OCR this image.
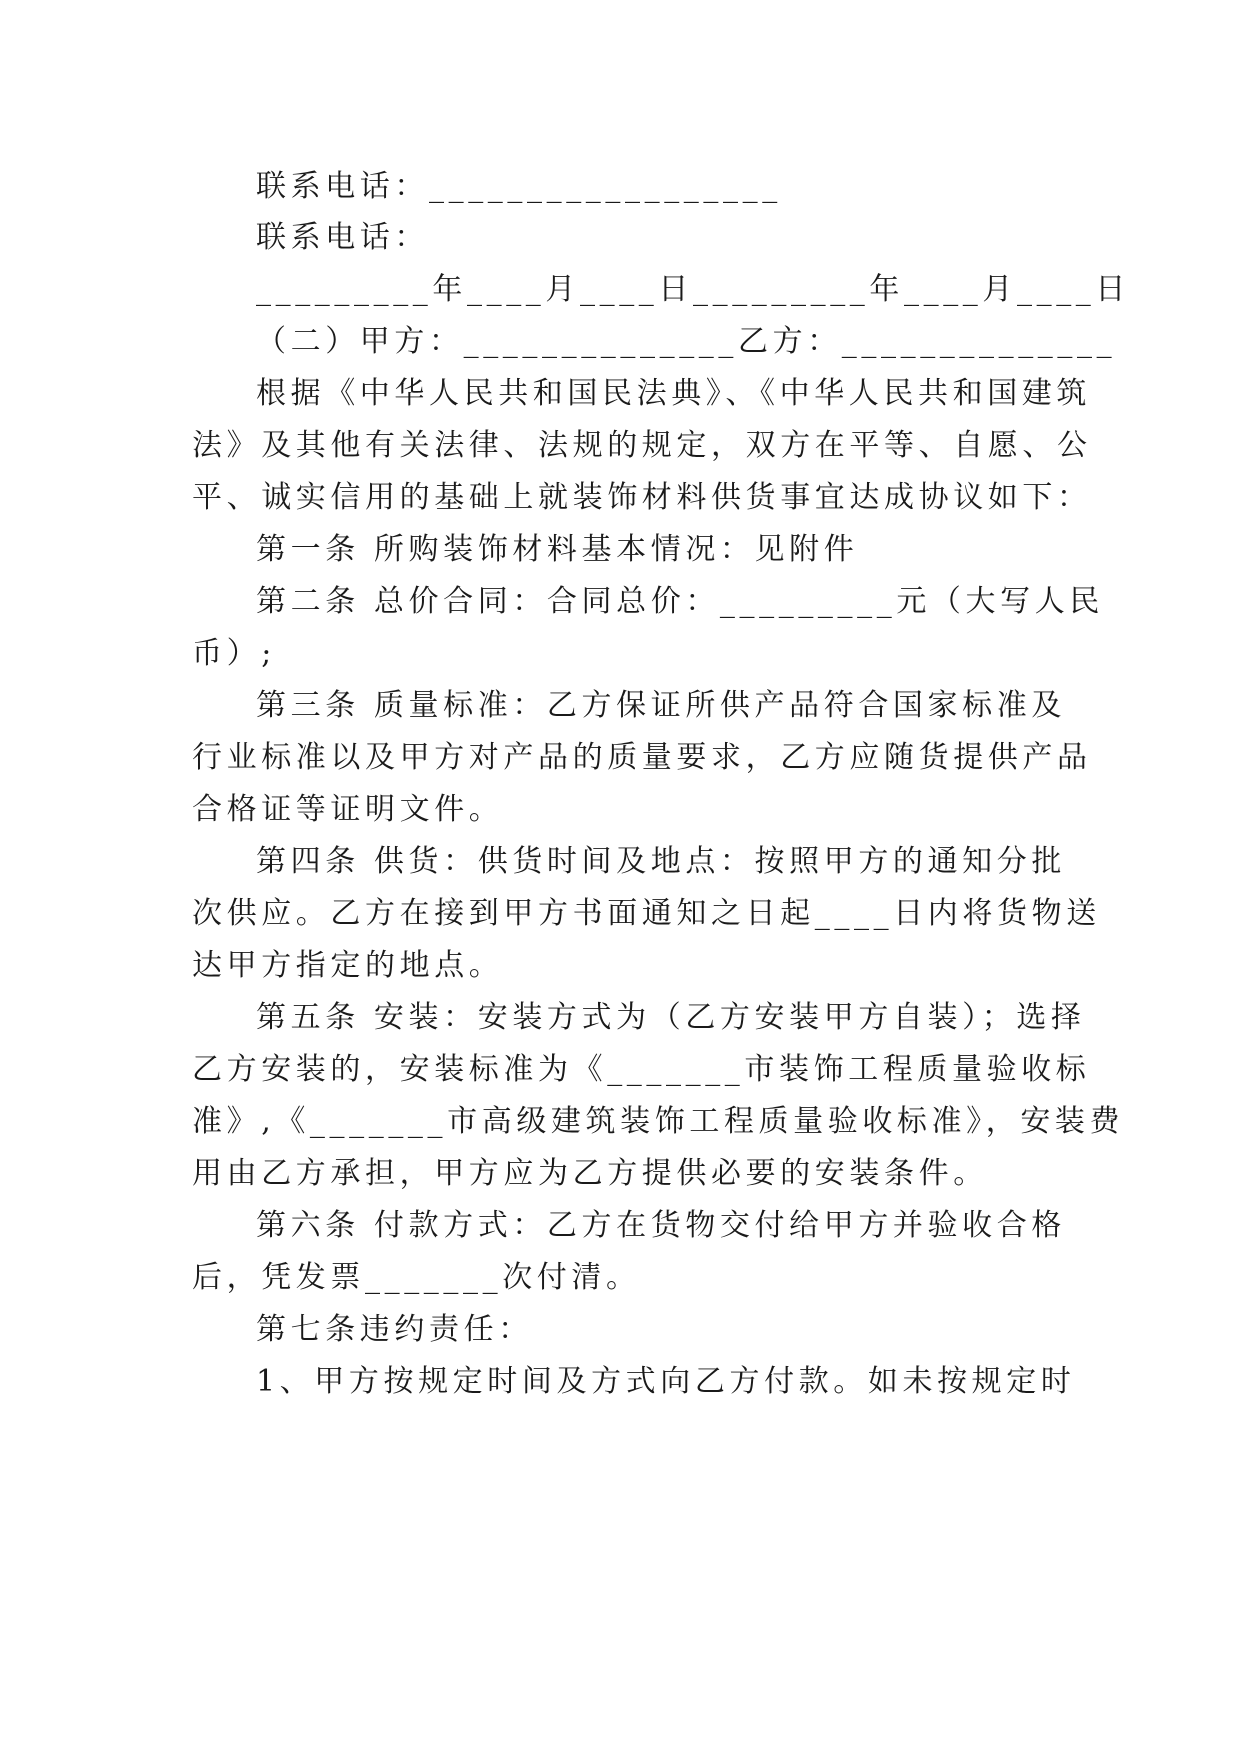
联系电话：__________________
联系电话：
_________年____月____日_________年____月____日
（二）甲方：______________乙方：______________
根据《中华人民共和国民法典》、《中华人民共和国建筑
法》及其他有关法律、法规的规定，双方在平等、自愿、公
平、诚实信用的基础上就装饰材料供货事宜达成协议如下：
第一条 所购装饰材料基本情况：见附件
第二条 总价合同：合同总价：_________元（大写人民
币）;
第三条 质量标准：乙方保证所供产品符合国家标准及
行业标准以及甲方对产品的质量要求，乙方应随货提供产品
合格证等证明文件。
第四条 供货：供货时间及地点：按照甲方的通知分批
次供应。乙方在接到甲方书面通知之日起____日内将货物送
达甲方指定的地点。
第五条 安装：安装方式为（乙方安装甲方自装）；选择
乙方安装的，安装标准为《_______市装饰工程质量验收标
准》,《_______市高级建筑装饰工程质量验收标准》，安装费
用由乙方承担，甲方应为乙方提供必要的安装条件。
第六条 付款方式：乙方在货物交付给甲方并验收合格
后，凭发票_______次付清。
第七条违约责任：
1、甲方按规定时间及方式向乙方付款。如未按规定时
